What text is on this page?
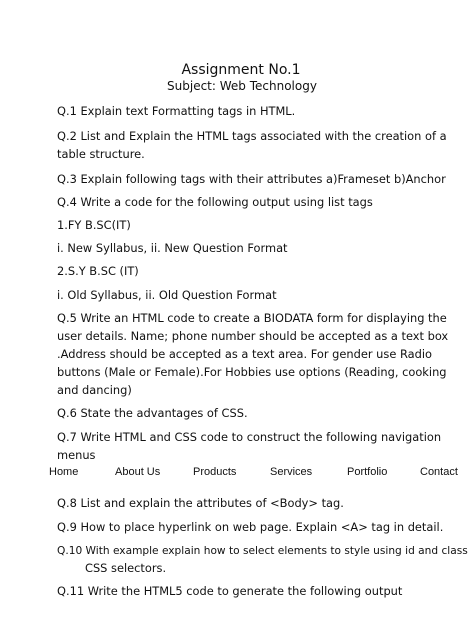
Assignment No.1
Subject: Web Technology
Q.1 Explain text Formatting tags in HTML.
Q.2 List and Explain the HTML tags associated with the creation of a
table structure.
Q.3 Explain following tags with their attributes a)Frameset b)Anchor
Q.4 Write a code for the following output using list tags
1.FY B.SC(IT)
i. New Syllabus, ii. New Question Format
2.S.Y B.SC (IT)
i. Old Syllabus, ii. Old Question Format
Q.5 Write an HTML code to create a BIODATA form for displaying the
user details. Name; phone number should be accepted as a text box
.Address should be accepted as a text area. For gender use Radio
buttons (Male or Female).For Hobbies use options (Reading, cooking
and dancing)
Q.6 State the advantages of CSS.
Q.7 Write HTML and CSS code to construct the following navigation
menus
Home	About Us	Products	Services	Portfolio	Contact
Q.8 List and explain the attributes of <Body> tag.
Q.9 How to place hyperlink on web page. Explain <A> tag in detail.
Q.10 With example explain how to select elements to style using id and class
CSS selectors.
Q.11 Write the HTML5 code to generate the following output
